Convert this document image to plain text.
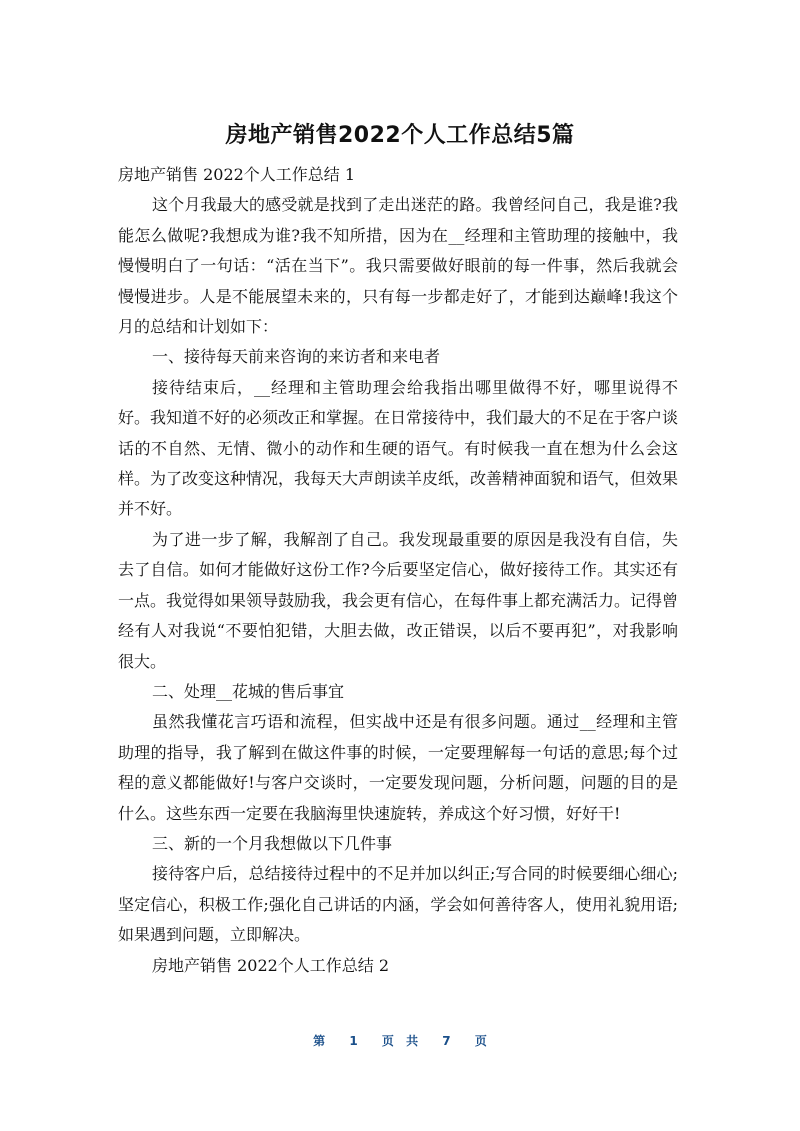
房地产销售2022个人工作总结5篇

房地产销售 2022个人工作总结 1

这个月我最大的感受就是找到了走出迷茫的路。我曾经问自己，我是谁?我能怎么做呢?我想成为谁?我不知所措，因为在__经理和主管助理的接触中，我慢慢明白了一句话：“活在当下”。我只需要做好眼前的每一件事，然后我就会慢慢进步。人是不能展望未来的，只有每一步都走好了，才能到达巅峰!我这个月的总结和计划如下：

一、接待每天前来咨询的来访者和来电者

接待结束后，__经理和主管助理会给我指出哪里做得不好，哪里说得不好。我知道不好的必须改正和掌握。在日常接待中，我们最大的不足在于客户谈话的不自然、无情、微小的动作和生硬的语气。有时候我一直在想为什么会这样。为了改变这种情况，我每天大声朗读羊皮纸，改善精神面貌和语气，但效果并不好。

为了进一步了解，我解剖了自己。我发现最重要的原因是我没有自信，失去了自信。如何才能做好这份工作?今后要坚定信心，做好接待工作。其实还有一点。我觉得如果领导鼓励我，我会更有信心，在每件事上都充满活力。记得曾经有人对我说“不要怕犯错，大胆去做，改正错误，以后不要再犯”，对我影响很大。

二、处理__花城的售后事宜

虽然我懂花言巧语和流程，但实战中还是有很多问题。通过__经理和主管助理的指导，我了解到在做这件事的时候，一定要理解每一句话的意思;每个过程的意义都能做好!与客户交谈时，一定要发现问题，分析问题，问题的目的是什么。这些东西一定要在我脑海里快速旋转，养成这个好习惯，好好干!

三、新的一个月我想做以下几件事

接待客户后，总结接待过程中的不足并加以纠正;写合同的时候要细心细心;坚定信心，积极工作;强化自己讲话的内涵，学会如何善待客人，使用礼貌用语;如果遇到问题，立即解决。

房地产销售 2022个人工作总结 2

第 1 页 共 7 页
